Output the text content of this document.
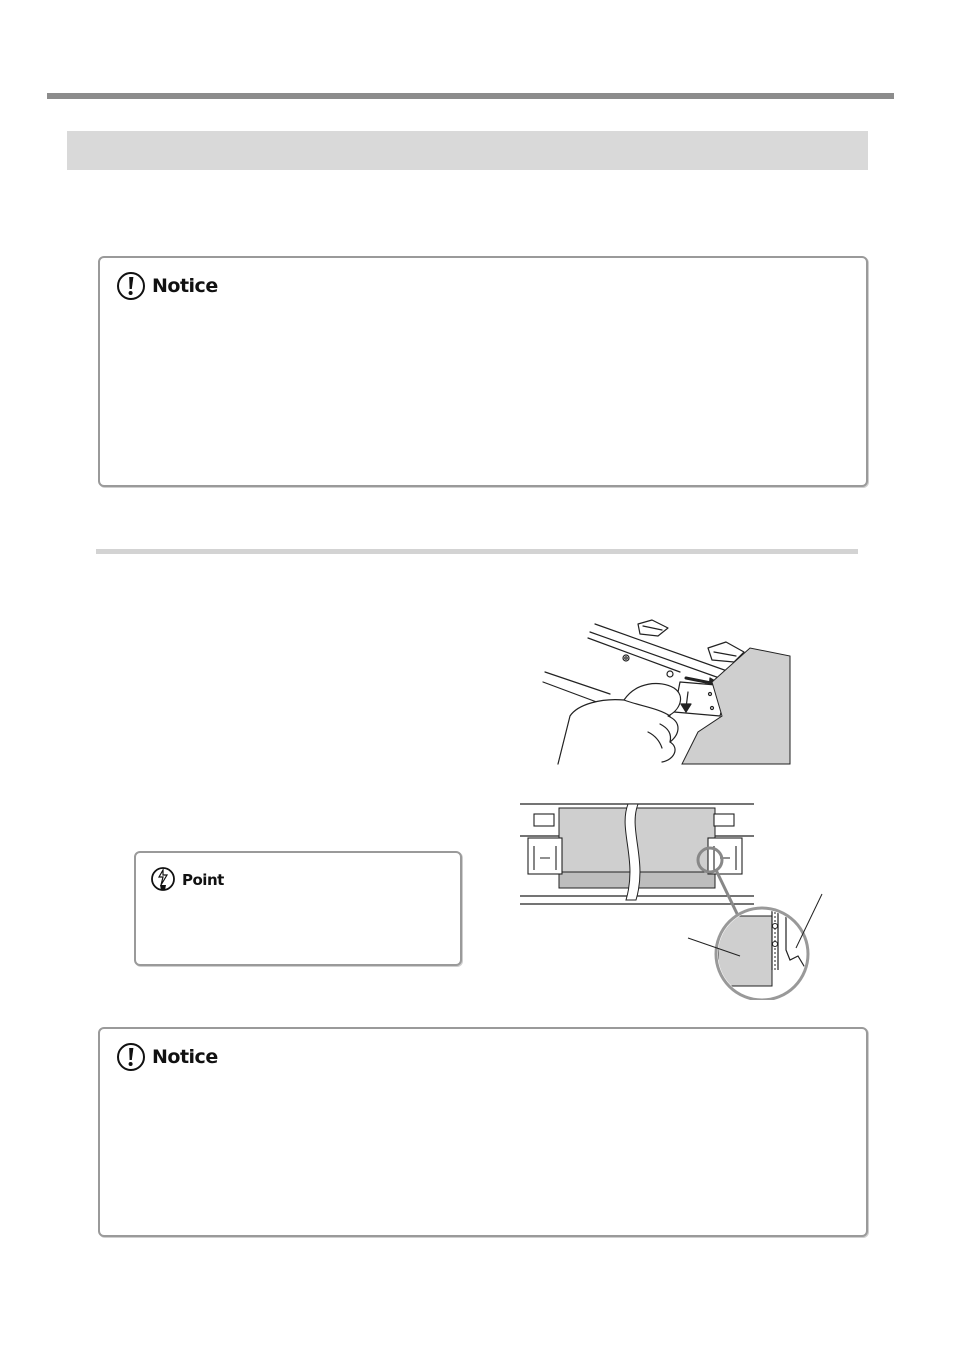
Notice
Point
Notice
